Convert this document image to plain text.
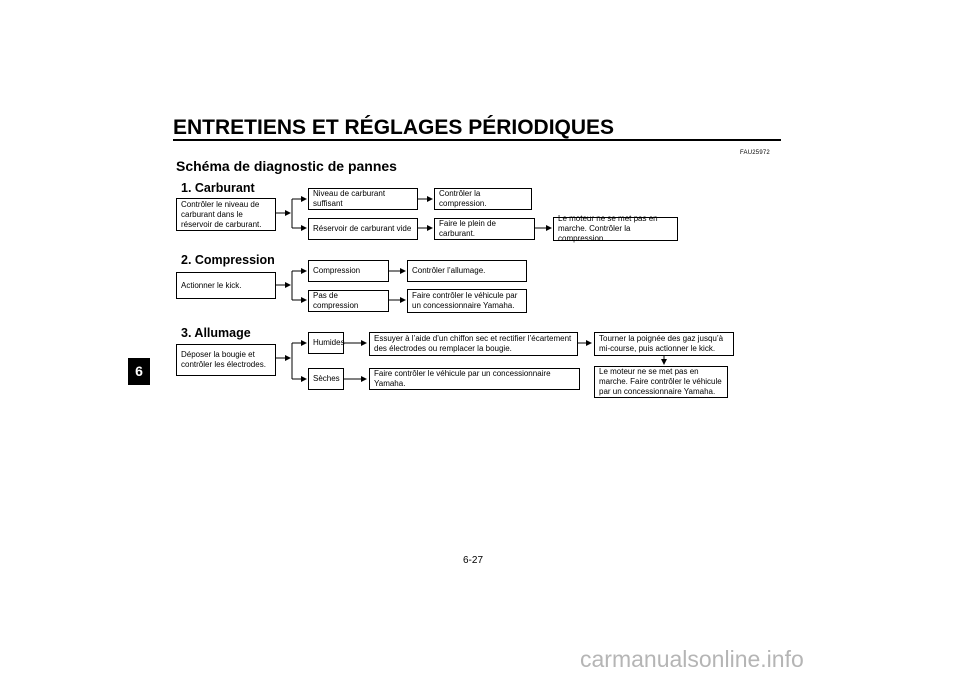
ENTRETIENS ET RÉGLAGES PÉRIODIQUES
6
FAU25972
Schéma de diagnostic de pannes
1. Carburant
Contrôler le niveau de carburant dans le réservoir de carburant.
Niveau de carburant suffisant
Contrôler la compression.
Réservoir de carburant vide
Faire le plein de carburant.
Le moteur ne se met pas en marche. Contrôler la compression.
2. Compression
Actionner le kick.
Compression	Contrôler l’allumage.
Pas de compression
Faire contrôler le véhicule par un concessionnaire Yamaha.
3. Allumage
Déposer la bougie et contrôler les électrodes.
Humides	Essuyer à l’aide d’un chiffon sec et rectifier l’écartement des électrodes ou remplacer la bougie.
Tourner la poignée des gaz jusqu’à mi-course, puis actionner le kick.
Le moteur ne se met pas en marche. Faire contrôler le véhicule par un concessionnaire Yamaha.
Sèches
Faire contrôler le véhicule par un concessionnaire Yamaha.
6-27
carmanualsonline.info
